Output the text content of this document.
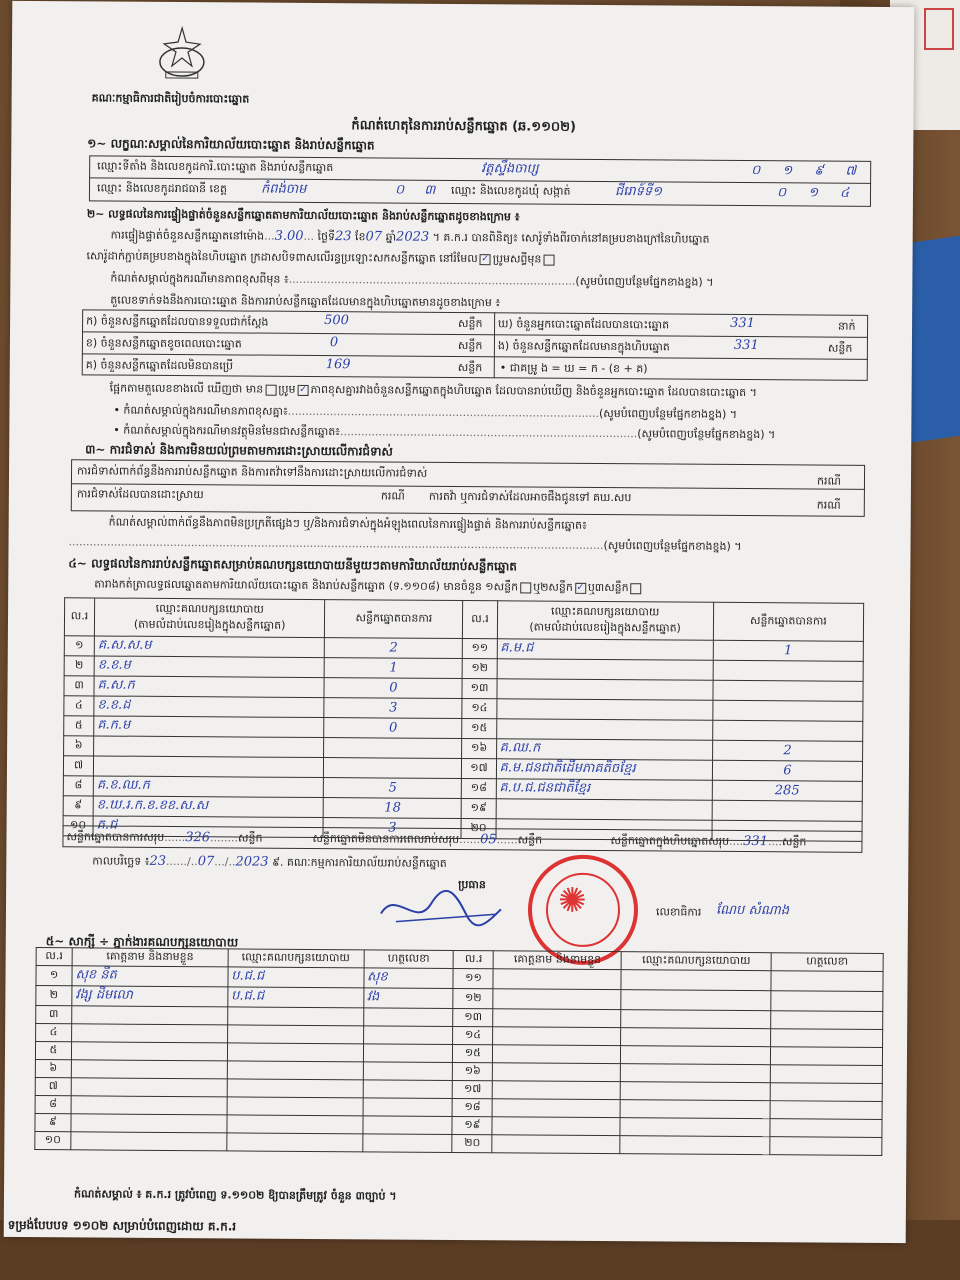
គណៈកម្មាធិការជាតិរៀបចំការបោះឆ្នោត
កំណត់ហេតុនៃការរាប់សន្លឹកឆ្នោត (ឆ.១១០២)
១~ លក្ខណៈសម្គាល់នៃការិយាល័យបោះឆ្នោត និងរាប់សន្លឹកឆ្នោត
ឈ្មោះទីតាំង និងលេខកូដការិ.បោះឆ្នោត និងរាប់សន្លឹកឆ្នោត	វត្តស្ទឹងចាប្ស	០១៩៧
ឈ្មោះ និងលេខកូដរាជធានី ខេត្ត	កំពង់ចាម	០៣
ឈ្មោះ និងលេខកូដឃុំ សង្កាត់	ជីរោទ៍ទី១	០១៤
២~ លទ្ធផលនៃការផ្ទៀងផ្ទាត់ចំនួនសន្លឹកឆ្នោតតាមការិយាល័យបោះឆ្នោត និងរាប់សន្លឹកឆ្នោតដូចខាងក្រោម ៖
ការផ្ទៀងផ្ទាត់ចំនួនសន្លឹកឆ្នោតនៅម៉ោង...3.00... ថ្ងៃទី23 ខែ07 ឆ្នាំ2023 ។ គ.ក.រ បានពិនិត្យ៖ សោរ៉ូ‌ទាំងពីរចាក់នៅគម្របខាងក្រៅនៃហិបឆ្នោត
សោរ៉ូដាក់ភ្ជាប់គម្របខាងក្នុងនៃហិបឆ្នោត ក្រដាសបិទពាសលើរន្ធប្រឡោះសកសន្លឹកឆ្នោត នៅរំមែល ✓ ប្រូមសព្វីមុន
កំណត់សម្គាល់ក្នុងករណីមានភាពខុសពីមុន ៖..................................................................................(សូមបំពេញបន្ថែមផ្នែកខាងខ្នង) ។
តួលេខទាក់ទងនឹងការបោះឆ្នោត និងការរាប់សន្លឹកឆ្នោតដែលមានក្នុងហិបឆ្នោតមានដូចខាងក្រោម ៖
ក) ចំនួនសន្លឹកឆ្នោតដែលបានទទួលជាក់ស្តែង	500	សន្លឹក
ខ) ចំនួនសន្លឹកឆ្នោតខូចពេលបោះឆ្នោត	0	សន្លឹក
គ) ចំនួនសន្លឹកឆ្នោតដែលមិនបានប្រើ	169	សន្លឹក
ឃ) ចំនួនអ្នកបោះឆ្នោតដែលបានបោះឆ្នោត	331	នាក់
ង) ចំនួនសន្លឹកឆ្នោតដែលមានក្នុងហិបឆ្នោត	331	សន្លឹក
• ជាគម្រូ ង = ឃ = ក - (ខ + គ)
ផ្អែកតាមតួលេខខាងលើ ឃើញថា មាន ប្រូម ✓ ភាពខុសគ្នារវាងចំនួនសន្លឹកឆ្នោតក្នុងហិបឆ្នោត ដែលបានរាប់ឃើញ និងចំនួនអ្នកបោះឆ្នោត ដែលបានបោះឆ្នោត ។
• កំណត់សម្គាល់ក្នុងករណីមានភាពខុសគ្នា៖.........................................................................................(សូមបំពេញបន្ថែមផ្នែកខាងខ្នង) ។
• កំណត់សម្គាល់ក្នុងករណីមានវត្ថុមិនមែនជាសន្លឹកឆ្នោត៖.....................................................................................(សូមបំពេញបន្ថែមផ្នែកខាងខ្នង) ។
៣~ ការជំទាស់ និងការមិនយល់ព្រមតាមការដោះស្រាយលើការជំទាស់
ការជំទាស់ពាក់ព័ន្ធនឹងការរាប់សន្លឹកឆ្នោត និងការតវ៉ាទៅនឹងការដោះស្រាយលើការជំទាស់
ករណី
ការជំទាស់ដែលបានដោះស្រាយ	ករណី ការតវ៉ា ឬការជំទាស់ដែលអាចផឹងជូនទៅ គឃ.សប
ករណី
កំណត់សម្គាល់ពាក់ព័ន្ធនឹងភាពមិនប្រក្រតីផ្សេងៗ ឬ/និងការជំទាស់ក្នុងអំឡុងពេលនៃការផ្ទៀងផ្ទាត់ និងការរាប់សន្លឹកឆ្នោត៖
.........................................................................................................................................................(សូមបំពេញបន្ថែមផ្នែកខាងខ្នង) ។
៤~ លទ្ធផលនៃការរាប់សន្លឹកឆ្នោតសម្រាប់គណបក្សនយោបាយនីមួយៗតាមការិយាល័យរាប់សន្លឹកឆ្នោត
តារាងកត់ត្រាលទ្ធផលឆ្នោតតាមការិយាល័យបោះឆ្នោត និងរាប់សន្លឹកឆ្នោត (ទ.១១០៨) មានចំនួន ១សន្លឹក ឬ២សន្លឹក ✓ ឬ៣សន្លឹក
ល.រ	ឈ្មោះគណបក្សនយោបាយ
(តាមលំដាប់លេខរៀងក្នុងសន្លឹកឆ្នោត)	សន្លឹកឆ្នោតបានការ	ល.រ	ឈ្មោះគណបក្សនយោបាយ
(តាមលំដាប់លេខរៀងក្នុងសន្លឹកឆ្នោត)	សន្លឹកឆ្នោតបានការ
១	គ.ស.ស.ម	2	១១	គ.ម.ជ	1
២	ខ.ខ.ម	1	១២		
៣	គ.ស.ក	0	១៣		
៤	ខ.ខ.ដ	3	១៤		
៥	គ.ក.ម	0	១៥		
៦			១៦	គ.ឈ.ក	2
៧			១៧	គ.ម.ជនជាតិដើមភាគតិចខ្មែរ	6
៨	គ.ខ.ឈ.ក	5	១៨	គ.ប.ជ.ជនជាតិខ្មែរ	285
៩	ខ.ឃ.រ.ក.ខ.ខខ.ស.ស	18	១៩		
១០	គ.ជ	3	២០		
សន្លឹកឆ្នោតបានការសរុប......326........សន្លឹក	សន្លឹកឆ្នោតមិនបានការពេលរាប់សរុប......05......សន្លឹក	សន្លឹកឆ្នោតក្នុងហិបឆ្នោតសរុប....331....សន្លឹក
កាលបរិច្ឆេទ ៖23....../..07.../..2023 ៩. គណៈកម្មការការិយាល័យរាប់សន្លឹកឆ្នោត
ប្រធាន
លេខាធិការ ណែប សំណាង
✺
៥~ សាក្សី ÷ ភ្នាក់ងារគណបក្សនយោបាយ
ល.រ	គោត្តនាម និងនាមខ្លួន	ឈ្មោះគណបក្សនយោបាយ	ហត្ថលេខា	ល.រ	គោត្តនាម និងនាមខ្លួន	ឈ្មោះគណបក្សនយោបាយ	ហត្ថលេខា
១	សុខ នីត	ប.ជ.ជ	សុខ	១១			
២	វង្ស ដឹមលោ	ប.ជ.ជ	វង	១២			
៣				១៣			
៤				១៤			
៥				១៥			
៦				១៦			
៧				១៧			
៨				១៨			
៩				១៩			
១០				២០			
កំណត់សម្គាល់ ៖ គ.ក.រ ត្រូវបំពេញ ទ.១១០២ ឱ្យបានត្រឹមត្រូវ ចំនួន ៣ច្បាប់ ។
ទម្រង់បែបបទ ១១០២ សម្រាប់បំពេញដោយ គ.ក.រ
